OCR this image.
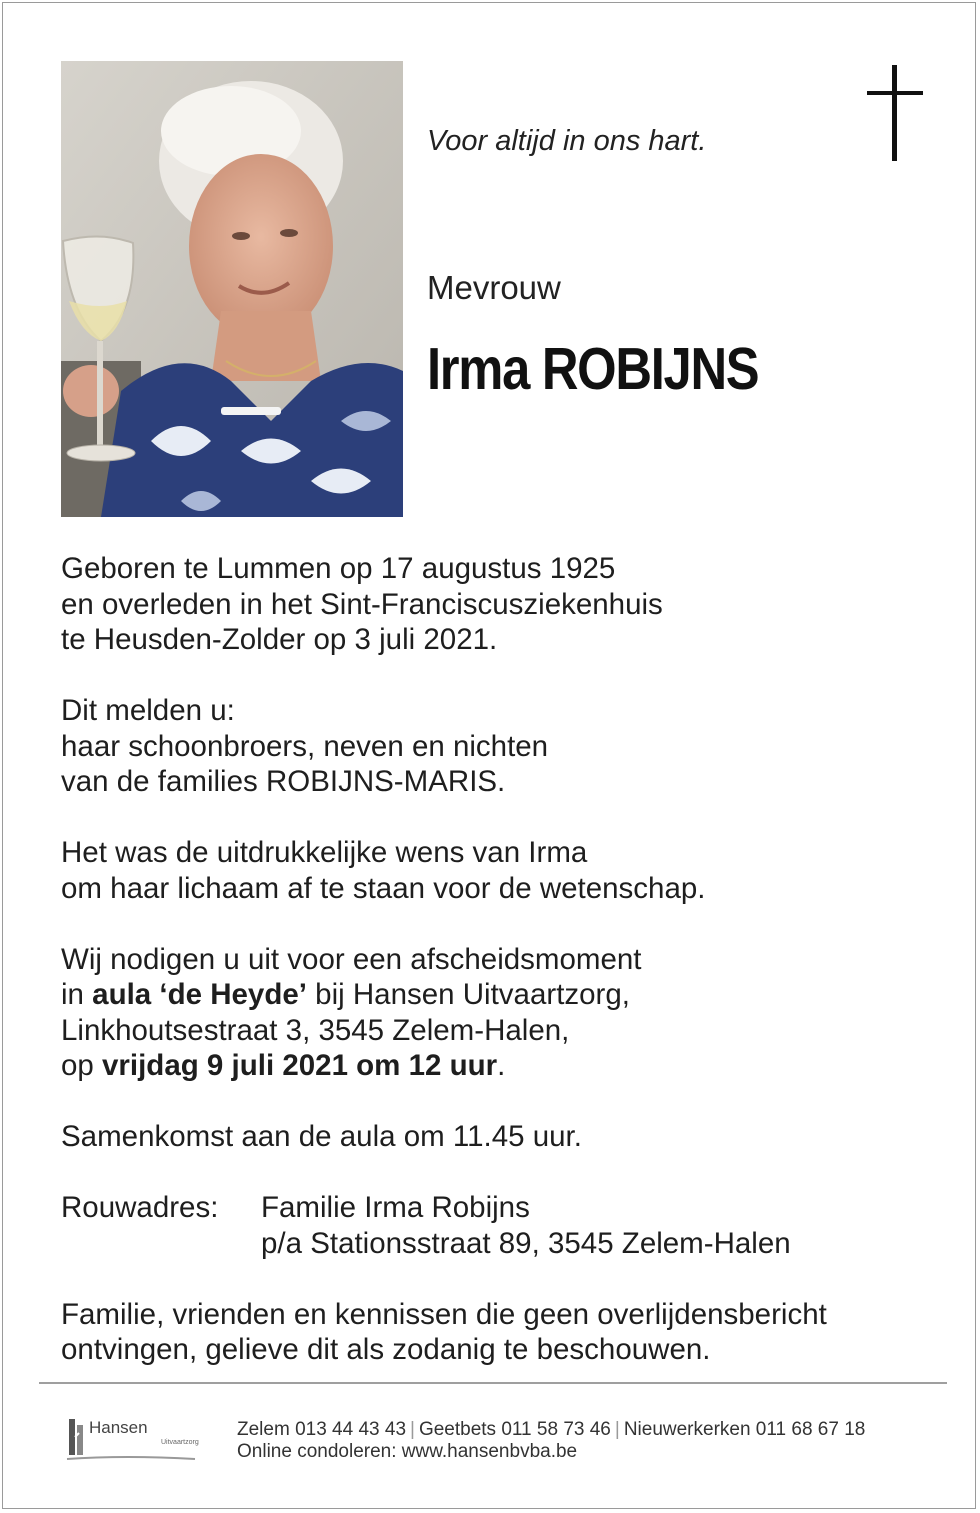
Voor altijd in ons hart.
Mevrouw
Irma ROBIJNS
Geboren te Lummen op 17 augustus 1925
en overleden in het Sint-Franciscusziekenhuis
te Heusden-Zolder op 3 juli 2021.
Dit melden u:
haar schoonbroers, neven en nichten
van de families ROBIJNS-MARIS.
Het was de uitdrukkelijke wens van Irma
om haar lichaam af te staan voor de wetenschap.
Wij nodigen u uit voor een afscheidsmoment
in aula ‘de Heyde’ bij Hansen Uitvaartzorg,
Linkhoutsestraat 3, 3545 Zelem-Halen,
op vrijdag 9 juli 2021 om 12 uur.
Samenkomst aan de aula om 11.45 uur.
Rouwadres:	Familie Irma Robijns
p/a Stationsstraat 89, 3545 Zelem-Halen
Familie, vrienden en kennissen die geen overlijdensbericht
ontvingen, gelieve dit als zodanig te beschouwen.
Hansen
Uitvaartzorg
Zelem 013 44 43 43 | Geetbets 011 58 73 46 | Nieuwerkerken 011 68 67 18
Online condoleren: www.hansenbvba.be
